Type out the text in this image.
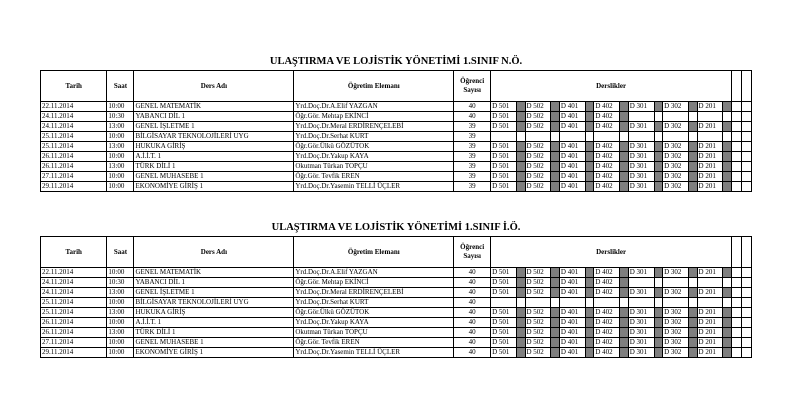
ULAŞTIRMA VE LOJİSTİK YÖNETİMİ 1.SINIF N.Ö.
Tarih	Saat	Ders Adı	Öğretim Elemanı	Öğrenci
Sayısı	Derslikler															
22.11.2014	10:00	GENEL MATEMATİK	Yrd.Doç.Dr.A.Elif YAZGAN	40	D 501		D 502		D 401		D 402		D 301		D 302		D 201			
24.11.2014	10:30	YABANCI DİL 1	Öğr.Gör. Mehtap EKİNCİ	40	D 501		D 502		D 401		D 402									
24.11.2014	13:00	GENEL İŞLETME 1	Yrd.Doç.Dr.Meral ERDİRENÇELEBİ	39	D 501		D 502		D 401		D 402		D 301		D 302		D 201			
25.11.2014	10:00	BİLGİSAYAR TEKNOLOJİLERİ UYG	Yrd.Doç.Dr.Serhat KURT	39																
25.11.2014	13:00	HUKUKA GİRİŞ	Öğr.Gör.Ülkü GÖZÜTOK	39	D 501		D 502		D 401		D 402		D 301		D 302		D 201			
26.11.2014	10:00	A.İ.İ.T. 1	Yrd.Doç.Dr.Yakup KAYA	39	D 501		D 502		D 401		D 402		D 301		D 302		D 201			
26.11.2014	13:00	TÜRK DİLİ 1	Okutman Türkan TOPÇU	39	D 501		D 502		D 401		D 402		D 301		D 302		D 201			
27.11.2014	10:00	GENEL MUHASEBE 1	Öğr.Gör. Tevfik EREN	39	D 501		D 502		D 401		D 402		D 301		D 302		D 201			
29.11.2014	10:00	EKONOMİYE GİRİŞ 1	Yrd.Doç.Dr.Yasemin TELLİ ÜÇLER	39	D 501		D 502		D 401		D 402		D 301		D 302		D 201			
ULAŞTIRMA VE LOJİSTİK YÖNETİMİ 1.SINIF İ.Ö.
Tarih	Saat	Ders Adı	Öğretim Elemanı	Öğrenci
Sayısı	Derslikler															
22.11.2014	10:00	GENEL MATEMATİK	Yrd.Doç.Dr.A.Elif YAZGAN	40	D 501		D 502		D 401		D 402		D 301		D 302		D 201			
24.11.2014	10:30	YABANCI DİL 1	Öğr.Gör. Mehtap EKİNCİ	40	D 501		D 502		D 401		D 402									
24.11.2014	13:00	GENEL İŞLETME 1	Yrd.Doç.Dr.Meral ERDİRENÇELEBİ	40	D 501		D 502		D 401		D 402		D 301		D 302		D 201			
25.11.2014	10:00	BİLGİSAYAR TEKNOLOJİLERİ UYG	Yrd.Doç.Dr.Serhat KURT	40																
25.11.2014	13:00	HUKUKA GİRİŞ	Öğr.Gör.Ülkü GÖZÜTOK	40	D 501		D 502		D 401		D 402		D 301		D 302		D 201			
26.11.2014	10:00	A.İ.İ.T. 1	Yrd.Doç.Dr.Yakup KAYA	40	D 501		D 502		D 401		D 402		D 301		D 302		D 201			
26.11.2014	13:00	TÜRK DİLİ 1	Okutman Türkan TOPÇU	40	D 501		D 502		D 401		D 402		D 301		D 302		D 201			
27.11.2014	10:00	GENEL MUHASEBE 1	Öğr.Gör. Tevfik EREN	40	D 501		D 502		D 401		D 402		D 301		D 302		D 201			
29.11.2014	10:00	EKONOMİYE GİRİŞ 1	Yrd.Doç.Dr.Yasemin TELLİ ÜÇLER	40	D 501		D 502		D 401		D 402		D 301		D 302		D 201			
